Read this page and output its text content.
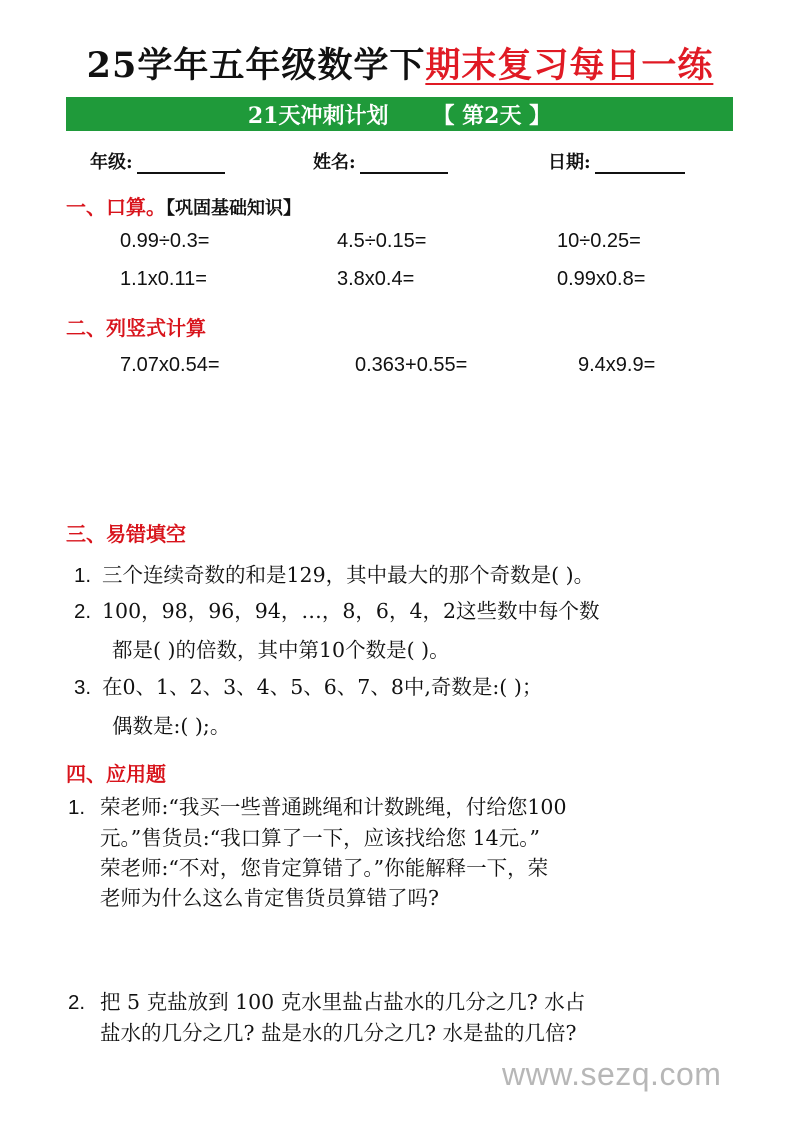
25学年五年级数学下期末复习每日一练
21天冲刺计划 【 第2天 】
年级:	姓名:	日期:
一、口算。【巩固基础知识】
0.99÷0.3=	4.5÷0.15=	10÷0.25=
1.1x0.11=	3.8x0.4=	0.99x0.8=
二、列竖式计算
7.07x0.54=	0.363+0.55=	9.4x9.9=
三、易错填空
1. 三个连续奇数的和是129，其中最大的那个奇数是( )。
2. 100，98，96，94，…，8，6，4，2这些数中每个数
都是( )的倍数，其中第10个数是( )。
3. 在0、1、2、3、4、5、6、7、8中,奇数是:( )；
偶数是:( );。
四、应用题
1. 荣老师:“我买一些普通跳绳和计数跳绳，付给您100
元。”售货员:“我口算了一下，应该找给您 14元。”
荣老师:“不对，您肯定算错了。”你能解释一下，荣
老师为什么这么肯定售货员算错了吗?
2. 把 5 克盐放到 100 克水里盐占盐水的几分之几? 水占
盐水的几分之几? 盐是水的几分之几? 水是盐的几倍?
www.sezq.com
